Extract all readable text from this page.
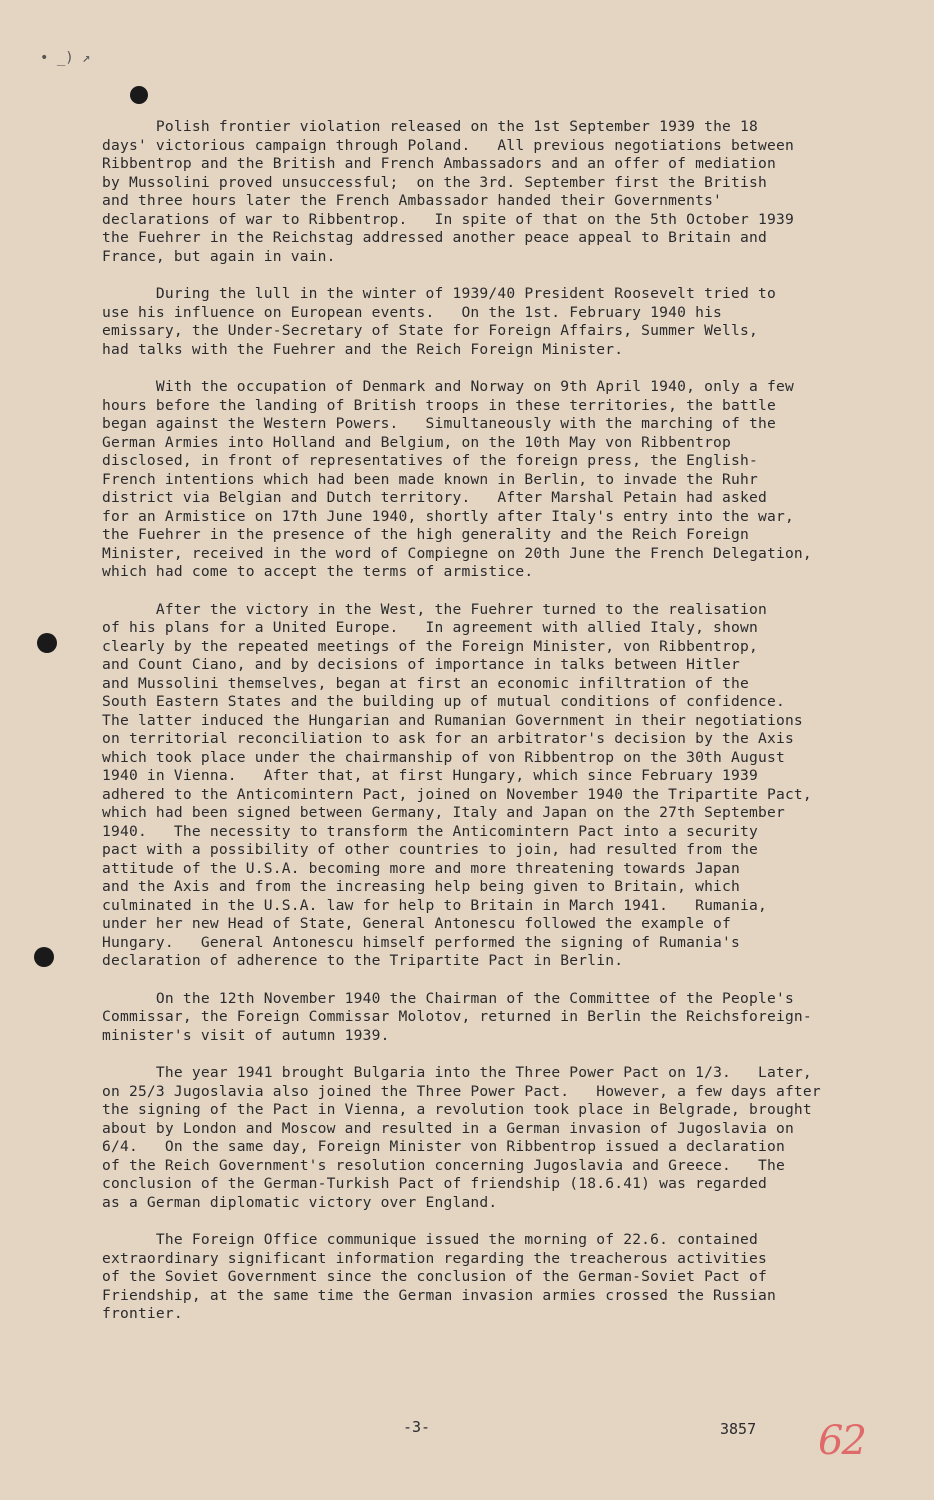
• _) ↗

Polish frontier violation released on the 1st September 1939 the 18
days' victorious campaign through Poland.   All previous negotiations between
Ribbentrop and the British and French Ambassadors and an offer of mediation
by Mussolini proved unsuccessful;  on the 3rd. September first the British
and three hours later the French Ambassador handed their Governments'
declarations of war to Ribbentrop.   In spite of that on the 5th October 1939
the Fuehrer in the Reichstag addressed another peace appeal to Britain and
France, but again in vain.

During the lull in the winter of 1939/40 President Roosevelt tried to
use his influence on European events.   On the 1st. February 1940 his
emissary, the Under-Secretary of State for Foreign Affairs, Summer Wells,
had talks with the Fuehrer and the Reich Foreign Minister.

With the occupation of Denmark and Norway on 9th April 1940, only a few
hours before the landing of British troops in these territories, the battle
began against the Western Powers.   Simultaneously with the marching of the
German Armies into Holland and Belgium, on the 10th May von Ribbentrop
disclosed, in front of representatives of the foreign press, the English-
French intentions which had been made known in Berlin, to invade the Ruhr
district via Belgian and Dutch territory.   After Marshal Petain had asked
for an Armistice on 17th June 1940, shortly after Italy's entry into the war,
the Fuehrer in the presence of the high generality and the Reich Foreign
Minister, received in the word of Compiegne on 20th June the French Delegation,
which had come to accept the terms of armistice.

After the victory in the West, the Fuehrer turned to the realisation
of his plans for a United Europe.   In agreement with allied Italy, shown
clearly by the repeated meetings of the Foreign Minister, von Ribbentrop,
and Count Ciano, and by decisions of importance in talks between Hitler
and Mussolini themselves, began at first an economic infiltration of the
South Eastern States and the building up of mutual conditions of confidence.
The latter induced the Hungarian and Rumanian Government in their negotiations
on territorial reconciliation to ask for an arbitrator's decision by the Axis
which took place under the chairmanship of von Ribbentrop on the 30th August
1940 in Vienna.   After that, at first Hungary, which since February 1939
adhered to the Anticomintern Pact, joined on November 1940 the Tripartite Pact,
which had been signed between Germany, Italy and Japan on the 27th September
1940.   The necessity to transform the Anticomintern Pact into a security
pact with a possibility of other countries to join, had resulted from the
attitude of the U.S.A. becoming more and more threatening towards Japan
and the Axis and from the increasing help being given to Britain, which
culminated in the U.S.A. law for help to Britain in March 1941.   Rumania,
under her new Head of State, General Antonescu followed the example of
Hungary.   General Antonescu himself performed the signing of Rumania's
declaration of adherence to the Tripartite Pact in Berlin.

On the 12th November 1940 the Chairman of the Committee of the People's
Commissar, the Foreign Commissar Molotov, returned in Berlin the Reichsforeign-
minister's visit of autumn 1939.

The year 1941 brought Bulgaria into the Three Power Pact on 1/3.   Later,
on 25/3 Jugoslavia also joined the Three Power Pact.   However, a few days after
the signing of the Pact in Vienna, a revolution took place in Belgrade, brought
about by London and Moscow and resulted in a German invasion of Jugoslavia on
6/4.   On the same day, Foreign Minister von Ribbentrop issued a declaration
of the Reich Government's resolution concerning Jugoslavia and Greece.   The
conclusion of the German-Turkish Pact of friendship (18.6.41) was regarded
as a German diplomatic victory over England.

The Foreign Office communique issued the morning of 22.6. contained
extraordinary significant information regarding the treacherous activities
of the Soviet Government since the conclusion of the German-Soviet Pact of
Friendship, at the same time the German invasion armies crossed the Russian
frontier.

-3-	3857 62
